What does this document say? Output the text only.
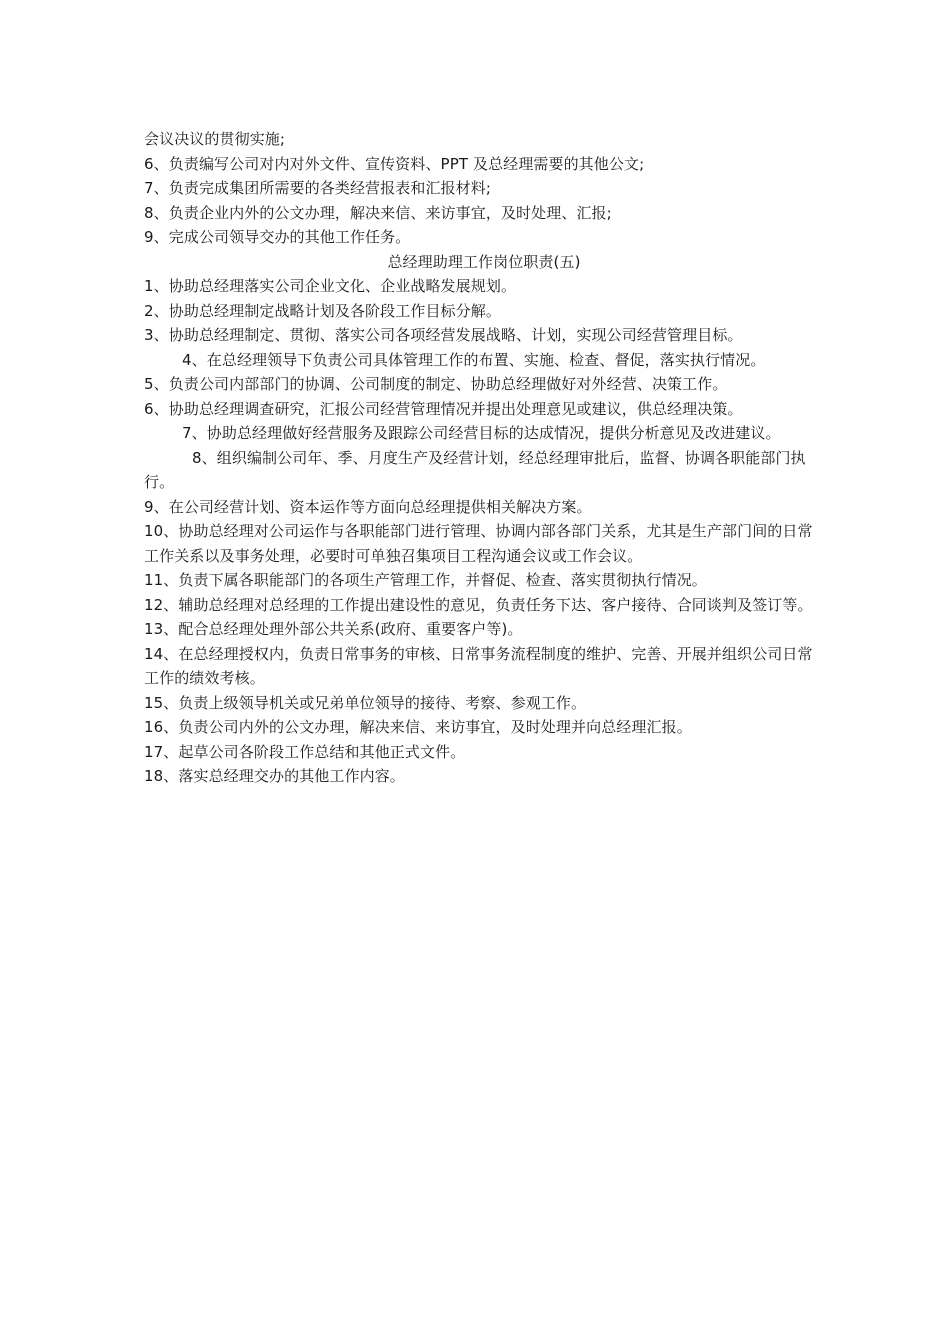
会议决议的贯彻实施;

6、负责编写公司对内对外文件、宣传资料、PPT 及总经理需要的其他公文;

7、负责完成集团所需要的各类经营报表和汇报材料;

8、负责企业内外的公文办理，解决来信、来访事宜，及时处理、汇报;

9、完成公司领导交办的其他工作任务。

总经理助理工作岗位职责(五)

1、协助总经理落实公司企业文化、企业战略发展规划。

2、协助总经理制定战略计划及各阶段工作目标分解。

3、协助总经理制定、贯彻、落实公司各项经营发展战略、计划，实现公司经营管理目标。

4、在总经理领导下负责公司具体管理工作的布置、实施、检查、督促，落实执行情况。

5、负责公司内部部门的协调、公司制度的制定、协助总经理做好对外经营、决策工作。

6、协助总经理调查研究，汇报公司经营管理情况并提出处理意见或建议，供总经理决策。

7、协助总经理做好经营服务及跟踪公司经营目标的达成情况，提供分析意见及改进建议。8、组织编制公司年、季、月度生产及经营计划，经总经理审批后，监督、协调各职能部门执行。

9、在公司经营计划、资本运作等方面向总经理提供相关解决方案。

10、协助总经理对公司运作与各职能部门进行管理、协调内部各部门关系，尤其是生产部门间的日常工作关系以及事务处理，必要时可单独召集项目工程沟通会议或工作会议。

11、负责下属各职能部门的各项生产管理工作，并督促、检查、落实贯彻执行情况。

12、辅助总经理对总经理的工作提出建设性的意见，负责任务下达、客户接待、合同谈判及签订等。

13、配合总经理处理外部公共关系(政府、重要客户等)。

14、在总经理授权内，负责日常事务的审核、日常事务流程制度的维护、完善、开展并组织公司日常工作的绩效考核。

15、负责上级领导机关或兄弟单位领导的接待、考察、参观工作。

16、负责公司内外的公文办理，解决来信、来访事宜，及时处理并向总经理汇报。

17、起草公司各阶段工作总结和其他正式文件。

18、落实总经理交办的其他工作内容。
